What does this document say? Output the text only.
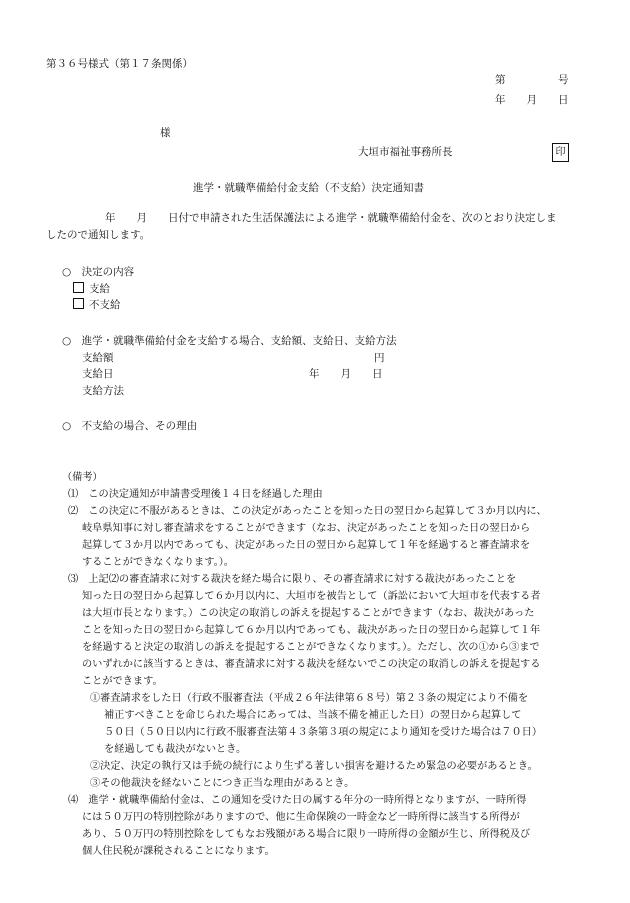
第３６号様式（第１７条関係）
第　　　　　号
年　　月　　日
様
大垣市福祉事務所長	印
進学・就職準備給付金支給（不支給）決定通知書
年　　月　　日付で申請された生活保護法による進学・就職準備給付金を、次のとおり決定しま
したので通知します。
○　決定の内容
支給
不支給
○　進学・就職準備給付金を支給する場合、支給額、支給日、支給方法
支給額	円
支給日	年　　月　　日
支給方法
○　不支給の場合、その理由
（備考）
⑴　この決定通知が申請書受理後１４日を経過した理由
⑵　この決定に不服があるときは、この決定があったことを知った日の翌日から起算して３か月以内に、
岐阜県知事に対し審査請求をすることができます（なお、決定があったことを知った日の翌日から
起算して３か月以内であっても、決定があった日の翌日から起算して１年を経過すると審査請求を
することができなくなります。）。
⑶　上記⑵の審査請求に対する裁決を経た場合に限り、その審査請求に対する裁決があったことを
知った日の翌日から起算して６か月以内に、大垣市を被告として（訴訟において大垣市を代表する者
は大垣市長となります。）この決定の取消しの訴えを提起することができます（なお、裁決があった
ことを知った日の翌日から起算して６か月以内であっても、裁決があった日の翌日から起算して１年
を経過すると決定の取消しの訴えを提起することができなくなります。）。ただし、次の①から③まで
のいずれかに該当するときは、審査請求に対する裁決を経ないでこの決定の取消しの訴えを提起する
ことができます。
①審査請求をした日（行政不服審査法（平成２６年法律第６８号）第２３条の規定により不備を
補正すべきことを命じられた場合にあっては、当該不備を補正した日）の翌日から起算して
５０日（５０日以内に行政不服審査法第４３条第３項の規定により通知を受けた場合は７０日）
を経過しても裁決がないとき。
②決定、決定の執行又は手続の続行により生ずる著しい損害を避けるため緊急の必要があるとき。
③その他裁決を経ないことにつき正当な理由があるとき。
⑷　進学・就職準備給付金は、この通知を受けた日の属する年分の一時所得となりますが、一時所得
には５０万円の特別控除がありますので、他に生命保険の一時金など一時所得に該当する所得が
あり、５０万円の特別控除をしてもなお残額がある場合に限り一時所得の金額が生じ、所得税及び
個人住民税が課税されることになります。
